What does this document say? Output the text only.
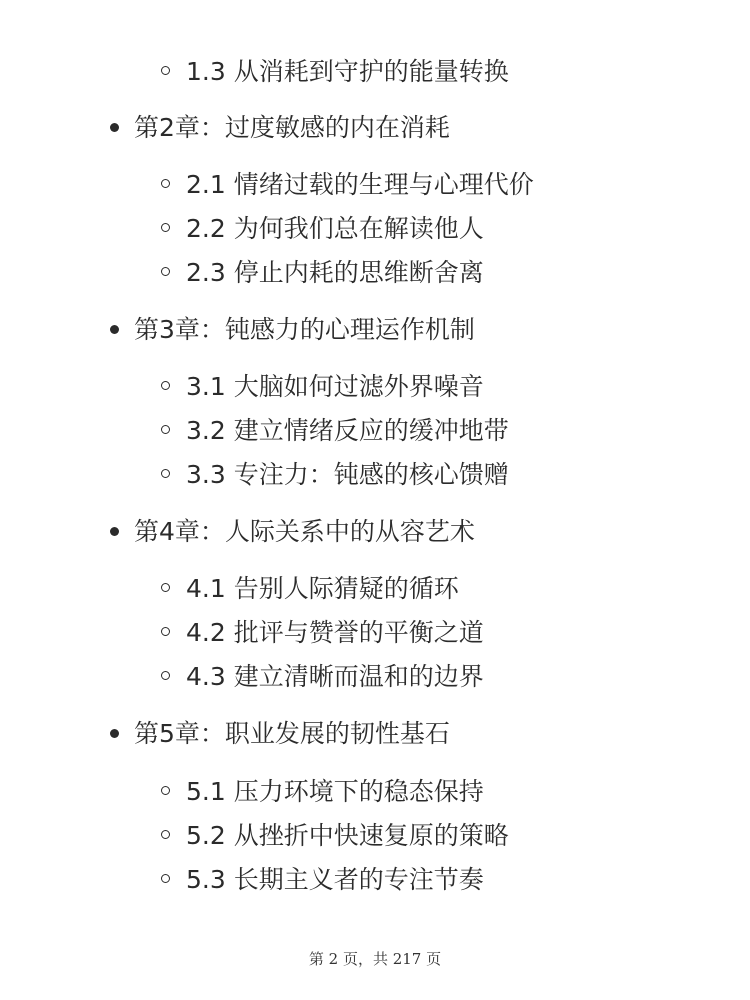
1.3 从消耗到守护的能量转换
第2章：过度敏感的内在消耗
2.1 情绪过载的生理与心理代价
2.2 为何我们总在解读他人
2.3 停止内耗的思维断舍离
第3章：钝感力的心理运作机制
3.1 大脑如何过滤外界噪音
3.2 建立情绪反应的缓冲地带
3.3 专注力：钝感的核心馈赠
第4章：人际关系中的从容艺术
4.1 告别人际猜疑的循环
4.2 批评与赞誉的平衡之道
4.3 建立清晰而温和的边界
第5章：职业发展的韧性基石
5.1 压力环境下的稳态保持
5.2 从挫折中快速复原的策略
5.3 长期主义者的专注节奏
第 2 页，共 217 页
